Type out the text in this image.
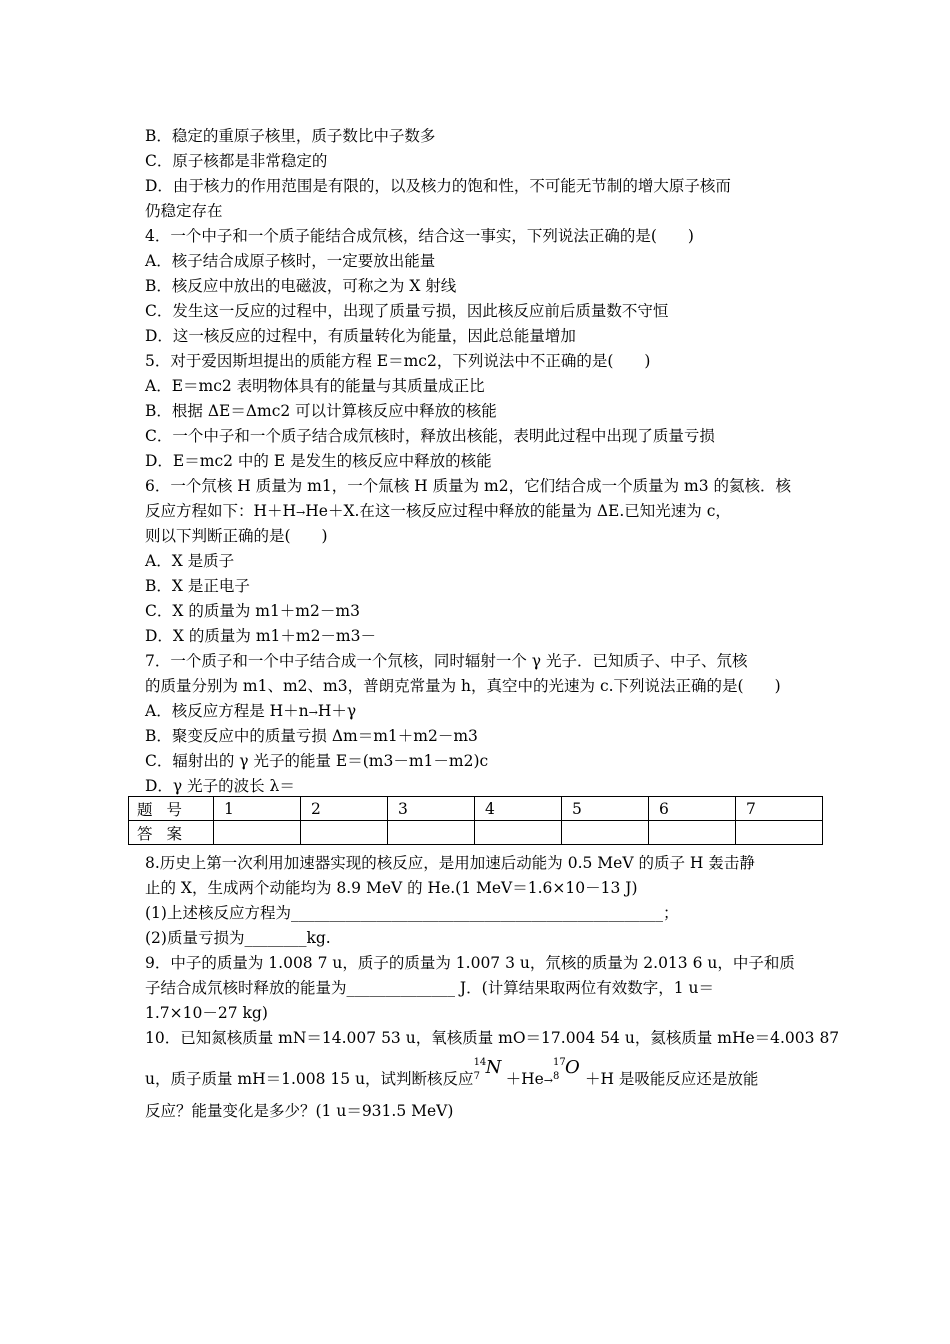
B．稳定的重原子核里，质子数比中子数多
C．原子核都是非常稳定的
D．由于核力的作用范围是有限的，以及核力的饱和性，不可能无节制的增大原子核而
仍稳定存在
4．一个中子和一个质子能结合成氘核，结合这一事实，下列说法正确的是(　　)
A．核子结合成原子核时，一定要放出能量
B．核反应中放出的电磁波，可称之为 X 射线
C．发生这一反应的过程中，出现了质量亏损，因此核反应前后质量数不守恒
D．这一核反应的过程中，有质量转化为能量，因此总能量增加
5．对于爱因斯坦提出的质能方程 E＝mc2，下列说法中不正确的是(　　)
A．E＝mc2 表明物体具有的能量与其质量成正比
B．根据 ΔE＝Δmc2 可以计算核反应中释放的核能
C．一个中子和一个质子结合成氘核时，释放出核能，表明此过程中出现了质量亏损
D．E＝mc2 中的 E 是发生的核反应中释放的核能
6．一个氘核 H 质量为 m1，一个氚核 H 质量为 m2，它们结合成一个质量为 m3 的氦核．核
反应方程如下：H＋H→He＋X.在这一核反应过程中释放的能量为 ΔE.已知光速为 c，
则以下判断正确的是(　　)
A．X 是质子
B．X 是正电子
C．X 的质量为 m1＋m2－m3
D．X 的质量为 m1＋m2－m3－
7．一个质子和一个中子结合成一个氘核，同时辐射一个 γ 光子．已知质子、中子、氘核
的质量分别为 m1、m2、m3，普朗克常量为 h，真空中的光速为 c.下列说法正确的是(　　)
A．核反应方程是 H＋n→H＋γ
B．聚变反应中的质量亏损 Δm＝m1＋m2－m3
C．辐射出的 γ 光子的能量 E＝(m3－m1－m2)c
D．γ 光子的波长 λ＝
题号	1	2	3	4	5	6	7
答案							
8.历史上第一次利用加速器实现的核反应，是用加速后动能为 0.5 MeV 的质子 H 轰击静
止的 X，生成两个动能均为 8.9 MeV 的 He.(1 MeV＝1.6×10－13 J)
(1)上述核反应方程为________________________________________________；
(2)质量亏损为________kg.
9．中子的质量为 1.008 7 u，质子的质量为 1.007 3 u，氘核的质量为 2.013 6 u，中子和质
子结合成氘核时释放的能量为______________ J．(计算结果取两位有效数字，1 u＝
1.7×10－27 kg)
10．已知氮核质量 mN＝14.007 53 u，氧核质量 mO＝17.004 54 u，氦核质量 mHe＝4.003 87
u，质子质量 mH＝1.008 15 u，试判断核反应
14
7 N
＋He→
17
8 O
＋H 是吸能反应还是放能
反应？能量变化是多少？(1 u＝931.5 MeV)
